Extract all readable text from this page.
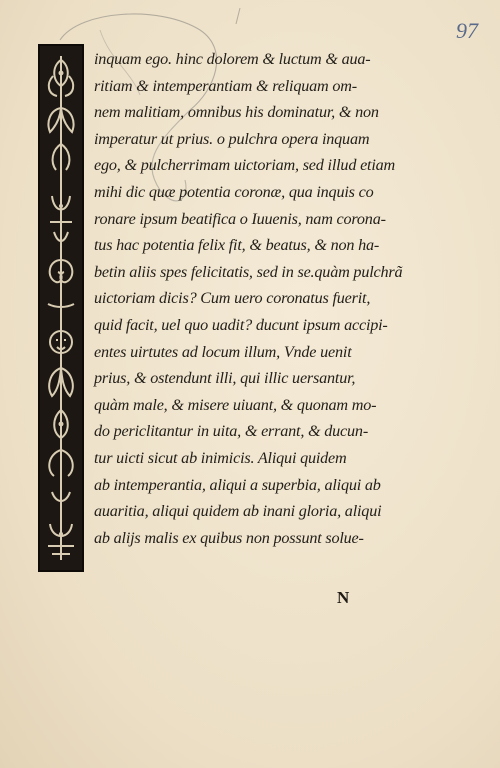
97
inquam ego. hinc dolorem & luctum & aua-
ritiam & intemperantiam & reliquam om-
nem malitiam, omnibus his dominatur, & non
imperatur ut prius. o pulchra opera inquam
ego, & pulcherrimam uictoriam, sed illud etiam
mihi dic quæ potentia coronæ, qua inquis co
ronare ipsum beatifica o Iuuenis, nam corona-
tus hac potentia felix fit, & beatus, & non ha-
betin aliis spes felicitatis, sed in se.quàm pulchrã
uictoriam dicis? Cum uero coronatus fuerit,
quid facit, uel quo uadit? ducunt ipsum accipi-
entes uirtutes ad locum illum, Vnde uenit
prius, & ostendunt illi, qui illic uersantur,
quàm male, & misere uiuant, & quonam mo-
do periclitantur in uita, & errant, & ducun-
tur uicti sicut ab inimicis. Aliqui quidem
ab intemperantia, aliqui a superbia, aliqui ab
auaritia, aliqui quidem ab inani gloria, aliqui
ab alijs malis ex quibus non possunt solue-
N
